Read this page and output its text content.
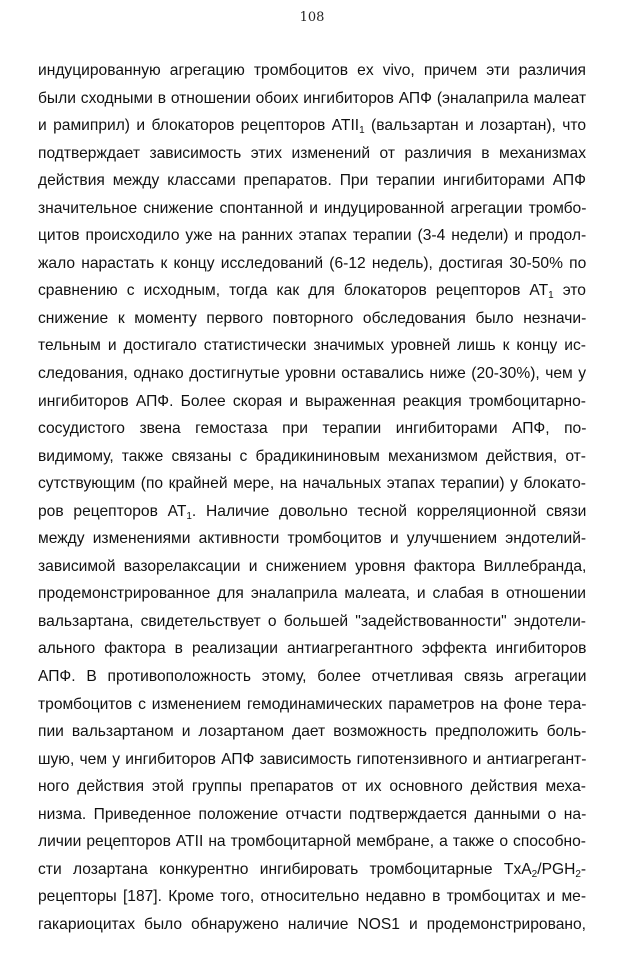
108
индуцированную агрегацию тромбоцитов ex vivo, причем эти различия
были сходными в отношении обоих ингибиторов АПФ (эналаприла малеат
и рамиприл) и блокаторов рецепторов $ATII_1$ (вальзартан и лозартан), что
подтверждает зависимость этих изменений от различия в механизмах
действия между классами препаратов. При терапии ингибиторами АПФ
значительное снижение спонтанной и индуцированной агрегации тромбо-
цитов происходило уже на ранних этапах терапии (3-4 недели) и продол-
жало нарастать к концу исследований (6-12 недель), достигая 30-50% по
сравнению с исходным, тогда как для блокаторов рецепторов $АТ_1$ это
снижение к моменту первого повторного обследования было незначи-
тельным и достигало статистически значимых уровней лишь к концу ис-
следования, однако достигнутые уровни оставались ниже (20-30%), чем у
ингибиторов АПФ. Более скорая и выраженная реакция тромбоцитарно-
сосудистого звена гемостаза при терапии ингибиторами АПФ, по-
видимому, также связаны с брадикининовым механизмом действия, от-
сутствующим (по крайней мере, на начальных этапах терапии) у блокато-
ров рецепторов $АТ_1$. Наличие довольно тесной корреляционной связи
между изменениями активности тромбоцитов и улучшением эндотелий-
зависимой вазорелаксации и снижением уровня фактора Виллебранда,
продемонстрированное для эналаприла малеата, и слабая в отношении
вальзартана, свидетельствует о большей "задействованности" эндотели-
ального фактора в реализации антиагрегантного эффекта ингибиторов
АПФ. В противоположность этому, более отчетливая связь агрегации
тромбоцитов с изменением гемодинамических параметров на фоне тера-
пии вальзартаном и лозартаном дает возможность предположить боль-
шую, чем у ингибиторов АПФ зависимость гипотензивного и антиагрегант-
ного действия этой группы препаратов от их основного действия меха-
низма. Приведенное положение отчасти подтверждается данными о на-
личии рецепторов ATII на тромбоцитарной мембране, а также о способно-
сти лозартана конкурентно ингибировать тромбоцитарные $TxA_2/PGH_2-$
рецепторы [187]. Кроме того, относительно недавно в тромбоцитах и ме-
гакариоцитах было обнаружено наличие NOS1 и продемонстрировано,
